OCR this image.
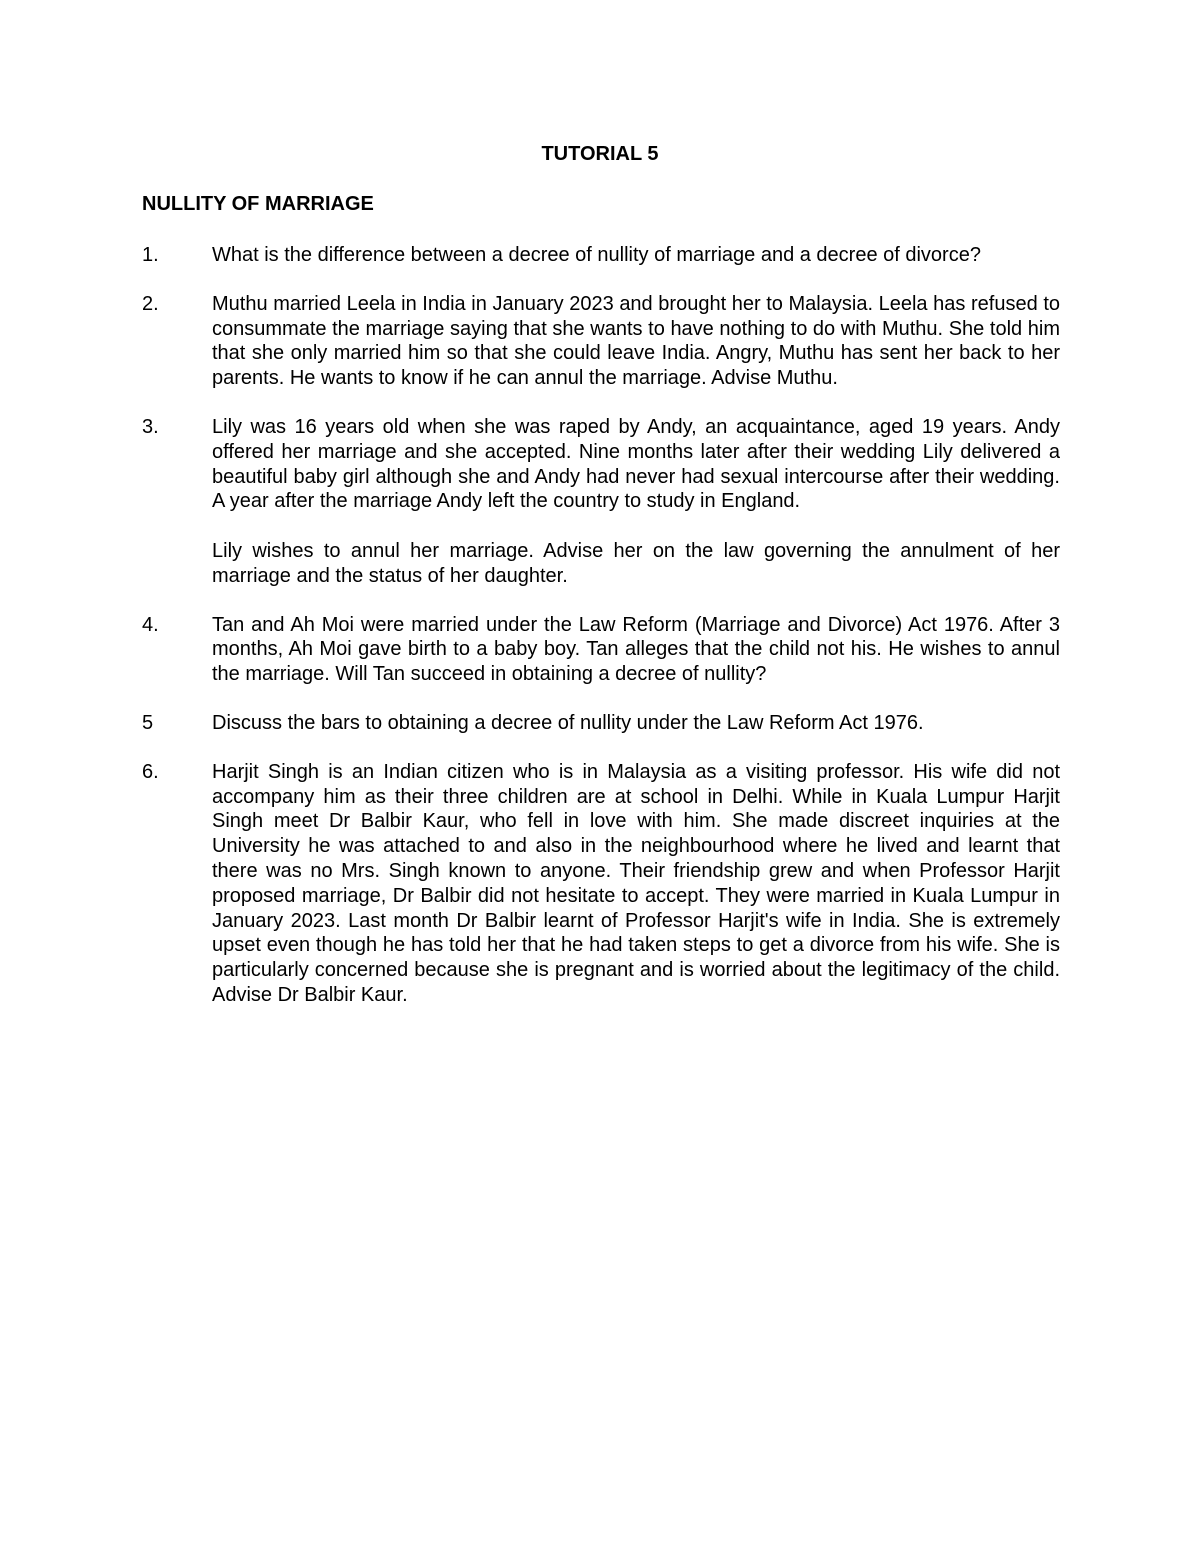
TUTORIAL 5
NULLITY OF MARRIAGE
1.	What is the difference between a decree of nullity of marriage and a decree of divorce?

2.	Muthu married Leela in India in January 2023 and brought her to Malaysia. Leela has refused to consummate the marriage saying that she wants to have nothing to do with Muthu. She told him that she only married him so that she could leave India. Angry, Muthu has sent her back to her parents. He wants to know if he can annul the marriage. Advise Muthu.

3.	Lily was 16 years old when she was raped by Andy, an acquaintance, aged 19 years. Andy offered her marriage and she accepted. Nine months later after their wedding Lily delivered a beautiful baby girl although she and Andy had never had sexual intercourse after their wedding. A year after the marriage Andy left the country to study in England.

Lily wishes to annul her marriage. Advise her on the law governing the annulment of her marriage and the status of her daughter.

4.	Tan and Ah Moi were married under the Law Reform (Marriage and Divorce) Act 1976. After 3 months, Ah Moi gave birth to a baby boy. Tan alleges that the child not his. He wishes to annul the marriage. Will Tan succeed in obtaining a decree of nullity?

5	Discuss the bars to obtaining a decree of nullity under the Law Reform Act 1976.

6.	Harjit Singh is an Indian citizen who is in Malaysia as a visiting professor. His wife did not accompany him as their three children are at school in Delhi. While in Kuala Lumpur Harjit Singh meet Dr Balbir Kaur, who fell in love with him. She made discreet inquiries at the University he was attached to and also in the neighbourhood where he lived and learnt that there was no Mrs. Singh known to anyone. Their friendship grew and when Professor Harjit proposed marriage, Dr Balbir did not hesitate to accept. They were married in Kuala Lumpur in January 2023. Last month Dr Balbir learnt of Professor Harjit's wife in India. She is extremely upset even though he has told her that he had taken steps to get a divorce from his wife. She is particularly concerned because she is pregnant and is worried about the legitimacy of the child. Advise Dr Balbir Kaur.
